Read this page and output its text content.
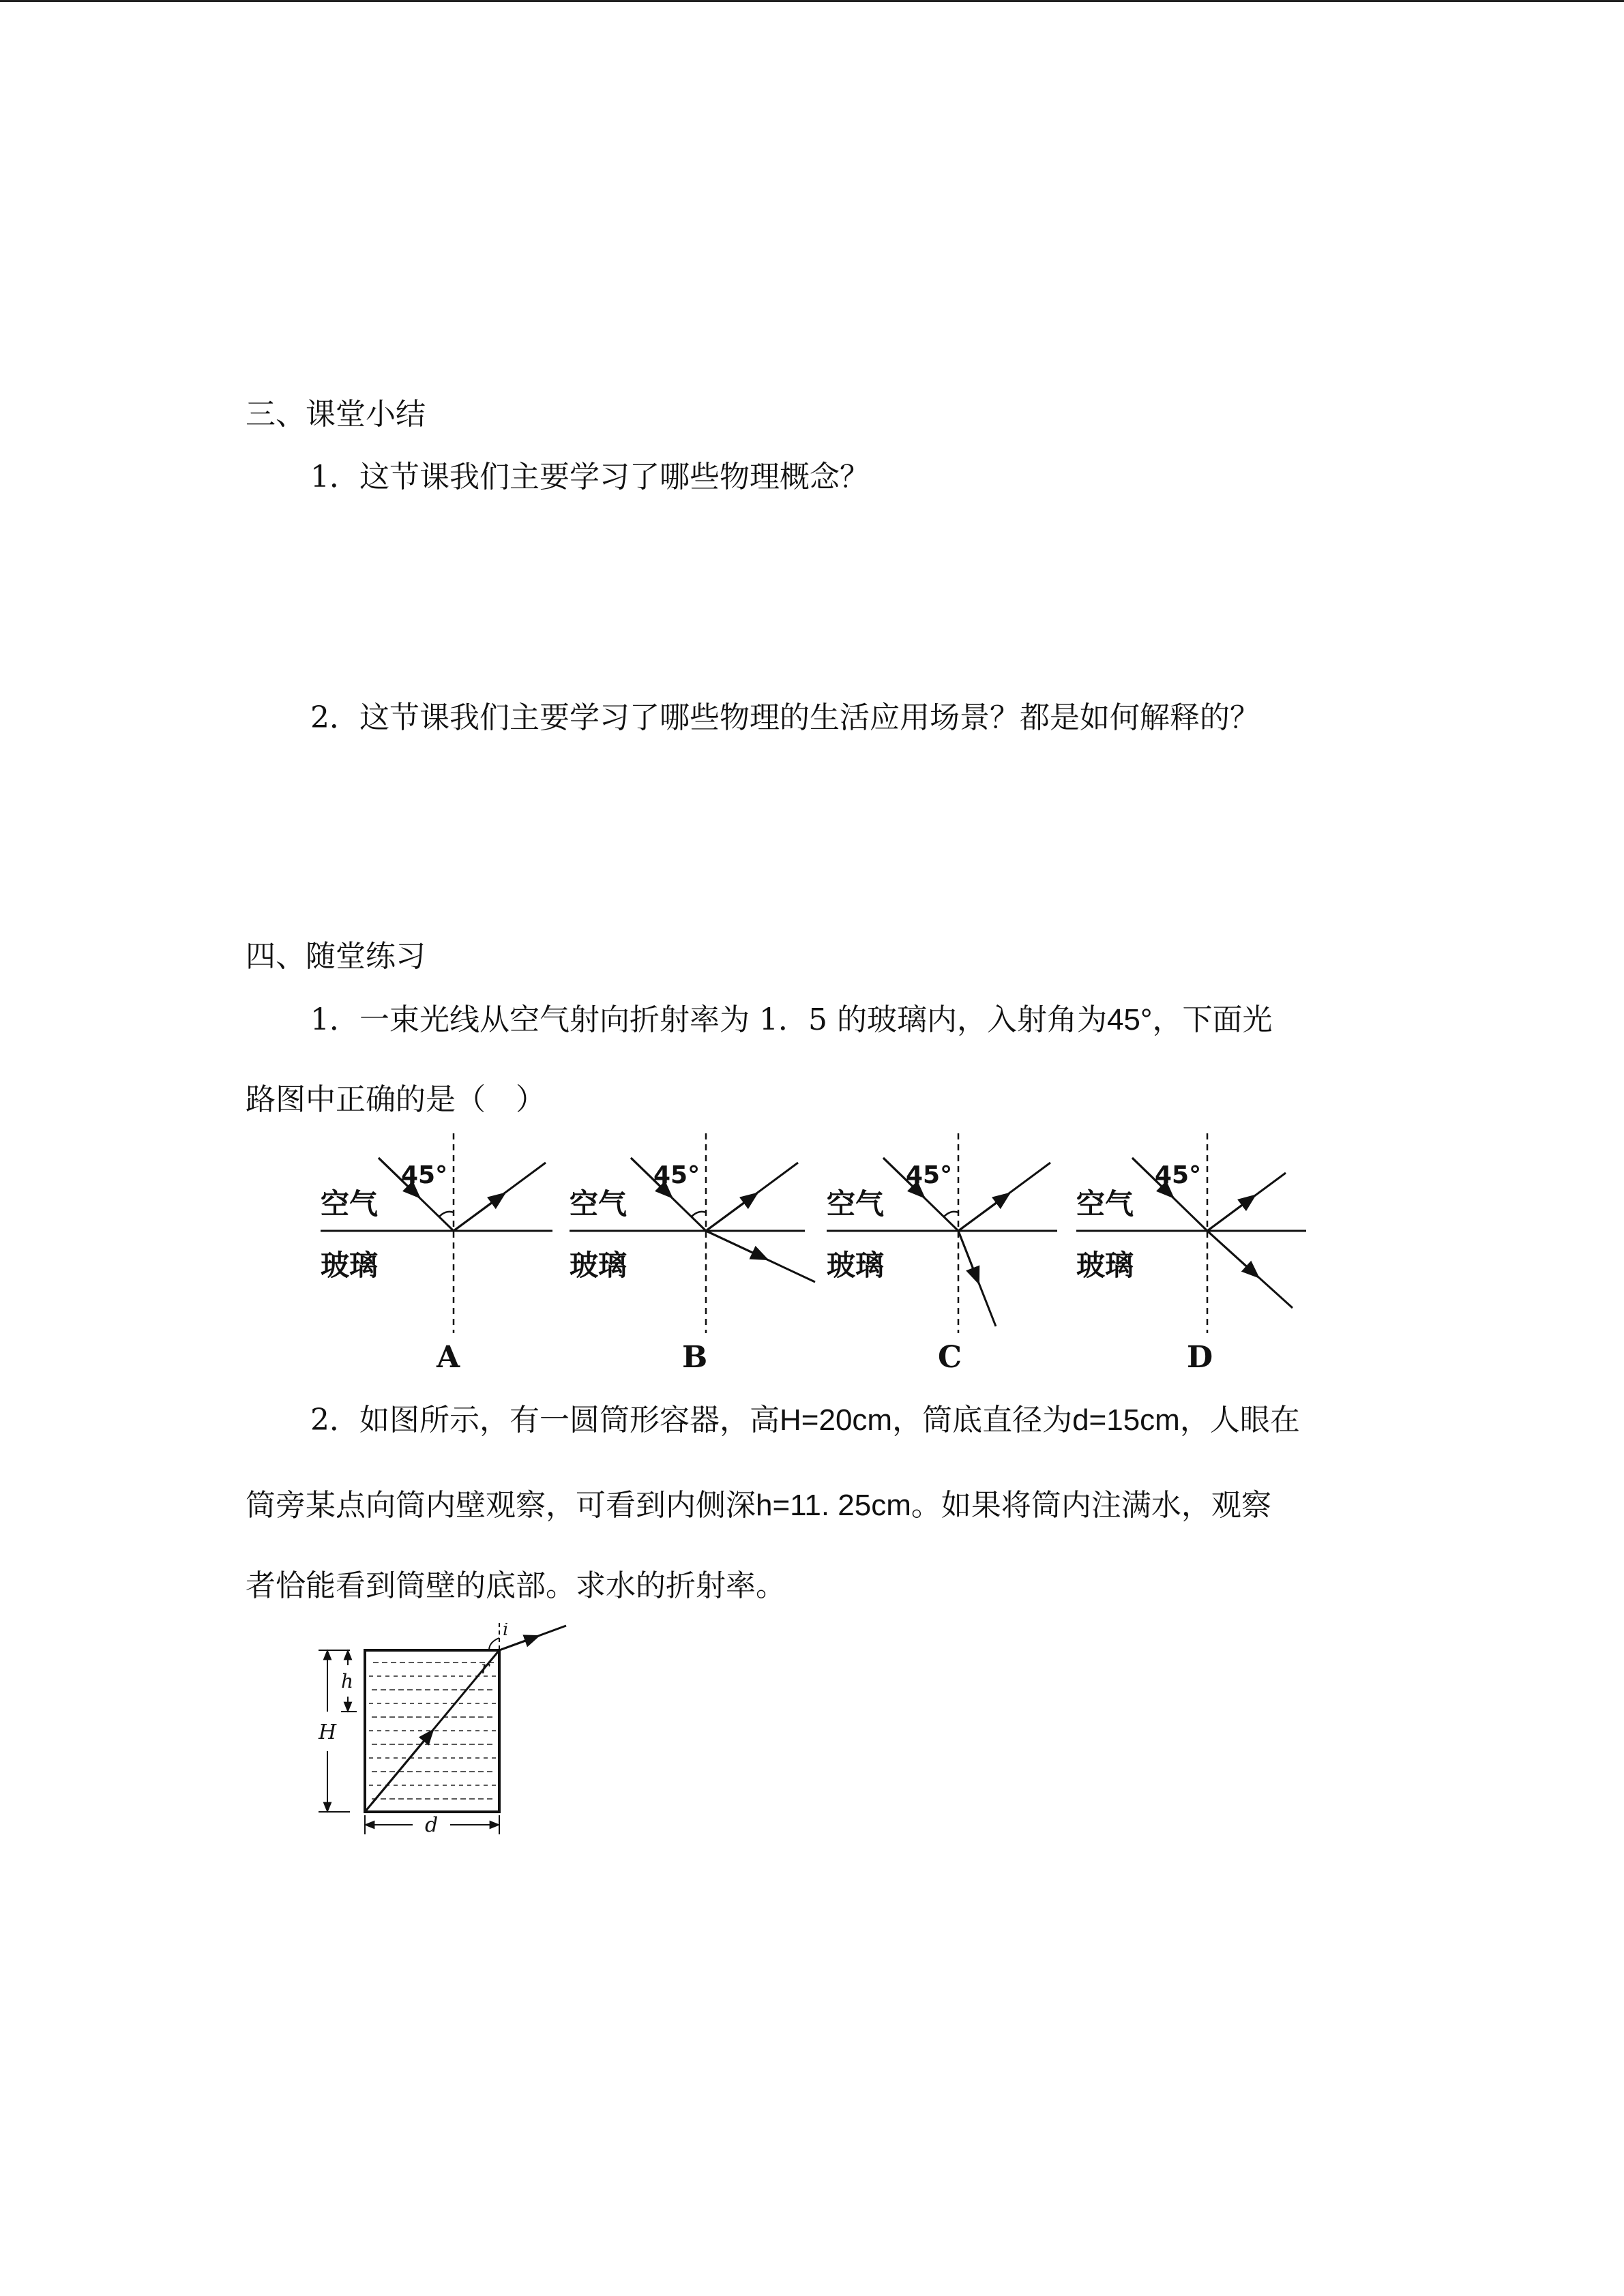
三、课堂小结
1．这节课我们主要学习了哪些物理概念？
2．这节课我们主要学习了哪些物理的生活应用场景？都是如何解释的？
四、随堂练习
1．一束光线从空气射向折射率为 1．5 的玻璃内，入射角为45°，下面光
路图中正确的是（　）
45°
空气
玻璃
A
45°
空气
玻璃
B
45°
空气
玻璃
C
45°
空气
玻璃
D
2．如图所示，有一圆筒形容器，高H=20cm，筒底直径为d=15cm，人眼在
筒旁某点向筒内壁观察，可看到内侧深h=11. 25cm。如果将筒内注满水，观察
者恰能看到筒壁的底部。求水的折射率。
i
r
H
h
d
